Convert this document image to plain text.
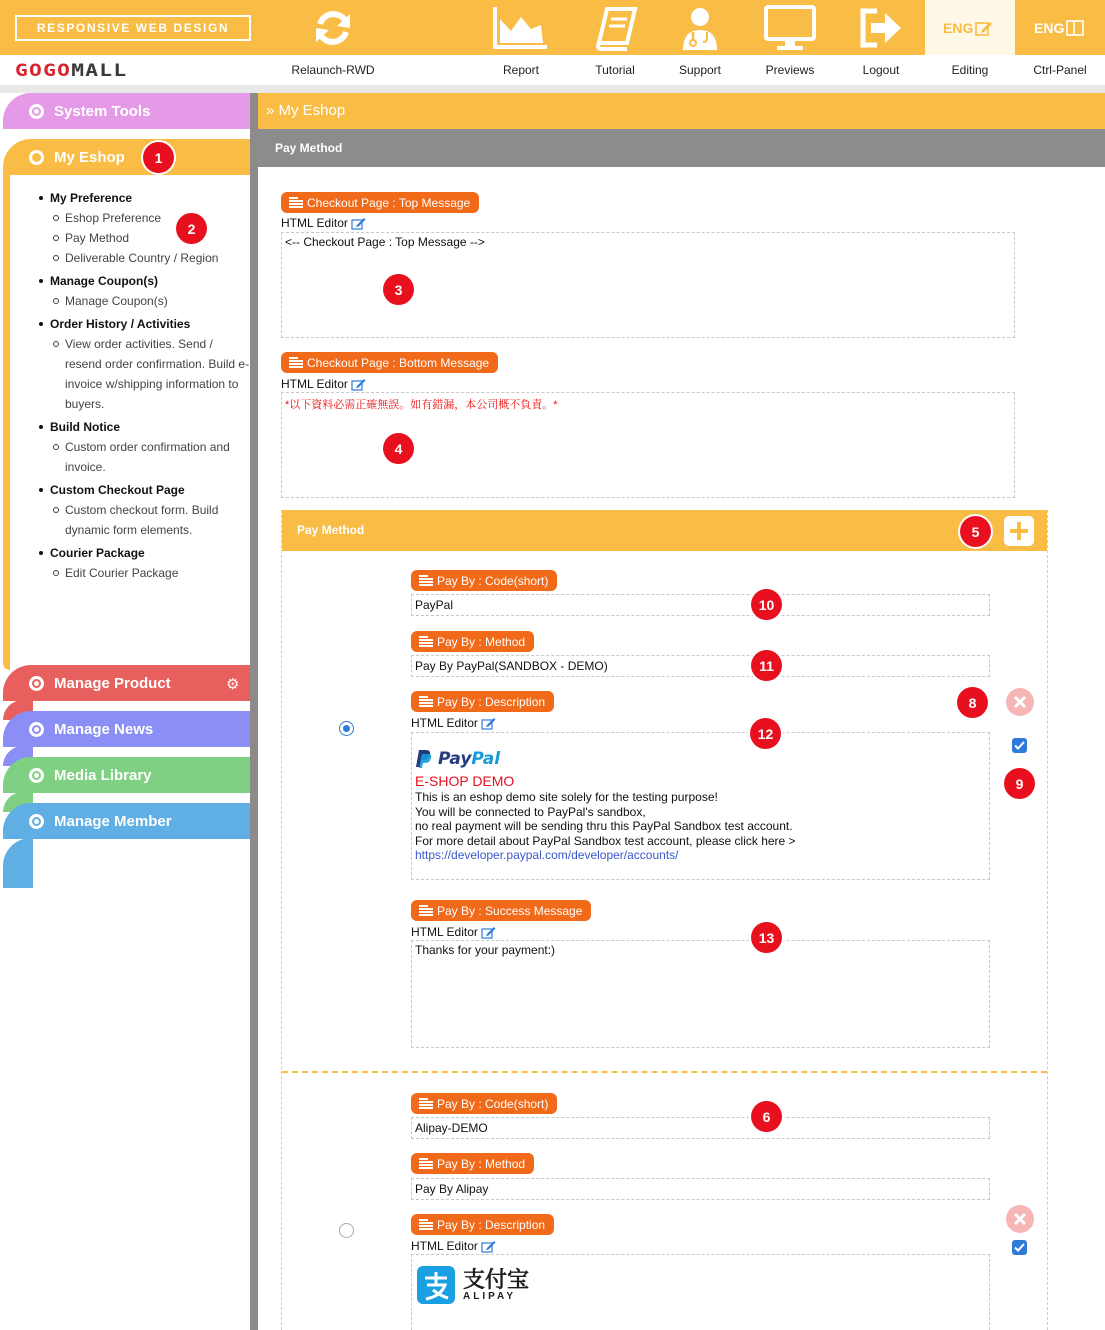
RESPONSIVE WEB DESIGN	ENG	ENG
GOGOMALL	Relaunch-RWD	Report	Tutorial	Support	Previews	Logout	Editing	Ctrl-Panel
System Tools
My Eshop
My Preference
Eshop Preference
Pay Method
Deliverable Country / Region
Manage Coupon(s)
Manage Coupon(s)
Order History / Activities
View order activities. Send / resend order confirmation. Build e-invoice w/shipping information to buyers.
Build Notice
Custom order confirmation and invoice.
Custom Checkout Page
Custom checkout form. Build dynamic form elements.
Courier Package
Edit Courier Package
Manage Product	⚙
Manage News
Media Library
Manage Member
» My Eshop
Pay Method
Checkout Page : Top Message
HTML Editor
<-- Checkout Page : Top Message -->
Checkout Page : Bottom Message
HTML Editor
*以下資料必需正確無誤。如有錯漏，本公司概不負責。*
Pay Method
Pay By : Code(short)
PayPal
Pay By : Method
Pay By PayPal(SANDBOX - DEMO)
Pay By : Description
HTML Editor
PayPal
E-SHOP DEMO
This is an eshop demo site solely for the testing purpose!
You will be connected to PayPal's sandbox,
no real payment will be sending thru this PayPal Sandbox test account.
For more detail about PayPal Sandbox test account, please click here >
https://developer.paypal.com/developer/accounts/
Pay By : Success Message
HTML Editor
Thanks for your payment:)
Pay By : Code(short)
Alipay-DEMO
Pay By : Method
Pay By Alipay
Pay By : Description
HTML Editor
支付宝
ALIPAY
1
2
3
4
5
6
8
9
10
11
12
13
